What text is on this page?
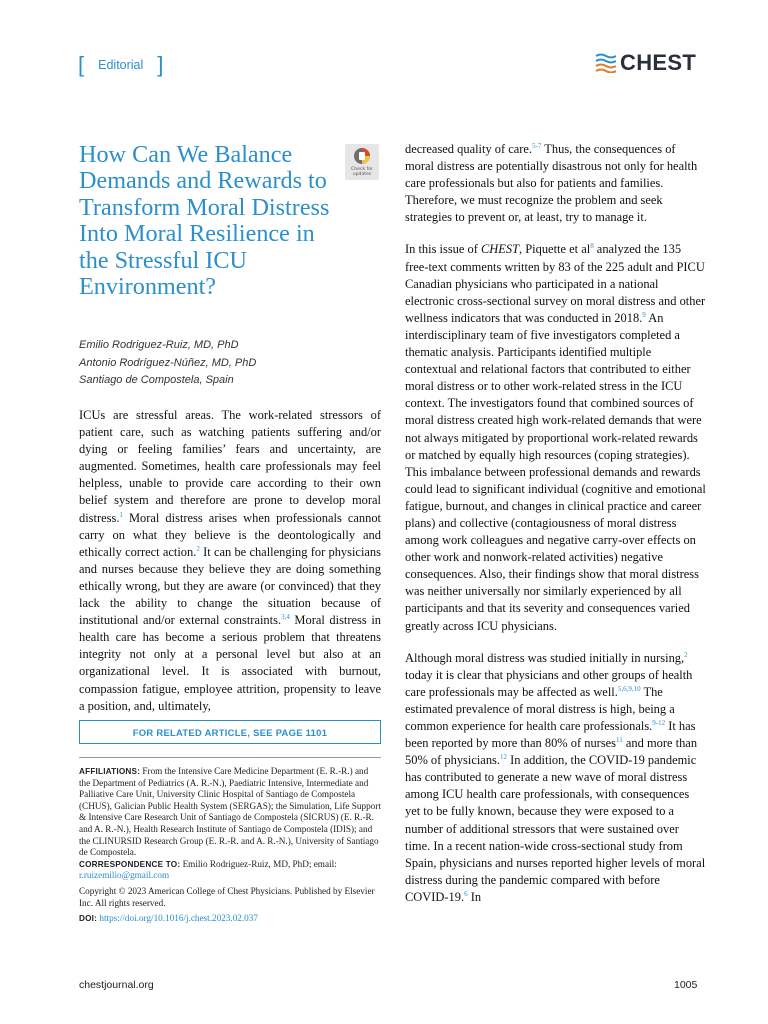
[	Editorial ]	CHEST
How Can We Balance Demands and Rewards to Transform Moral Distress Into Moral Resilience in the Stressful ICU Environment?
Check for updates
Emilio Rodriguez-Ruiz, MD, PhD
Antonio Rodríguez-Núñez, MD, PhD
Santiago de Compostela, Spain

ICUs are stressful areas. The work-related stressors of patient care, such as watching patients suffering and/or dying or feeling families’ fears and uncertainty, are augmented. Sometimes, health care professionals may feel helpless, unable to provide care according to their own belief system and therefore are prone to develop moral distress.$^1$ Moral distress arises when professionals cannot carry on what they believe is the deontologically and ethically correct action.$^2$ It can be challenging for physicians and nurses because they believe they are doing something ethically wrong, but they are aware (or convinced) that they lack the ability to change the situation because of institutional and/or external constraints.$^{3,4}$ Moral distress in health care has become a serious problem that threatens integrity not only at a personal level but also at an organizational level. It is associated with burnout, compassion fatigue, employee attrition, propensity to leave a position, and, ultimately,

FOR RELATED ARTICLE, SEE PAGE 1101

AFFILIATIONS: From the Intensive Care Medicine Department (E. R.-R.) and the Department of Pediatrics (A. R.-N.), Paediatric Intensive, Intermediate and Palliative Care Unit, University Clinic Hospital of Santiago de Compostela (CHUS), Galician Public Health System (SERGAS); the Simulation, Life Support & Intensive Care Research Unit of Santiago de Compostela (SICRUS) (E. R.-R. and A. R.-N.), Health Research Institute of Santiago de Compostela (IDIS); and the CLINURSID Research Group (E. R.-R. and A. R.-N.), University of Santiago de Compostela.

CORRESPONDENCE TO: Emilio Rodriguez-Ruiz, MD, PhD; email: r.ruizemilio@gmail.com

Copyright © 2023 American College of Chest Physicians. Published by Elsevier Inc. All rights reserved.

DOI: https://doi.org/10.1016/j.chest.2023.02.037

decreased quality of care.$^{5-7}$ Thus, the consequences of moral distress are potentially disastrous not only for health care professionals but also for patients and families. Therefore, we must recognize the problem and seek strategies to prevent or, at least, try to manage it.

In this issue of CHEST, Piquette et $al^8$ analyzed the 135 free-text comments written by 83 of the 225 adult and PICU Canadian physicians who participated in a national electronic cross-sectional survey on moral distress and other wellness indicators that was conducted in 2018.$^9$ An interdisciplinary team of five investigators completed a thematic analysis. Participants identified multiple contextual and relational factors that contributed to either moral distress or to other work-related stress in the ICU context. The investigators found that combined sources of moral distress created high work-related demands that were not always mitigated by proportional work-related rewards or matched by equally high resources (coping strategies). This imbalance between professional demands and rewards could lead to significant individual (cognitive and emotional fatigue, burnout, and changes in clinical practice and career plans) and collective (contagiousness of moral distress among work colleagues and negative carry-over effects on other work and nonwork-related activities) negative consequences. Also, their findings show that moral distress was neither universally nor similarly experienced by all participants and that its severity and consequences varied greatly across ICU physicians.

Although moral distress was studied initially in nursing,$^2$ today it is clear that physicians and other groups of health care professionals may be affected as well.$^{5,6,9,10}$ The estimated prevalence of moral distress is high, being a common experience for health care professionals.$^{9-12}$ It has been reported by more than 80% of nurses$^{11}$ and more than 50% of physicians.$^{12}$ In addition, the COVID-19 pandemic has contributed to generate a new wave of moral distress among ICU health care professionals, with consequences yet to be fully known, because they were exposed to a number of additional stressors that were sustained over time. In a recent nation-wide cross-sectional study from Spain, physicians and nurses reported higher levels of moral distress during the pandemic compared with before COVID-19.$^6$ In

chestjournal.org	1005
